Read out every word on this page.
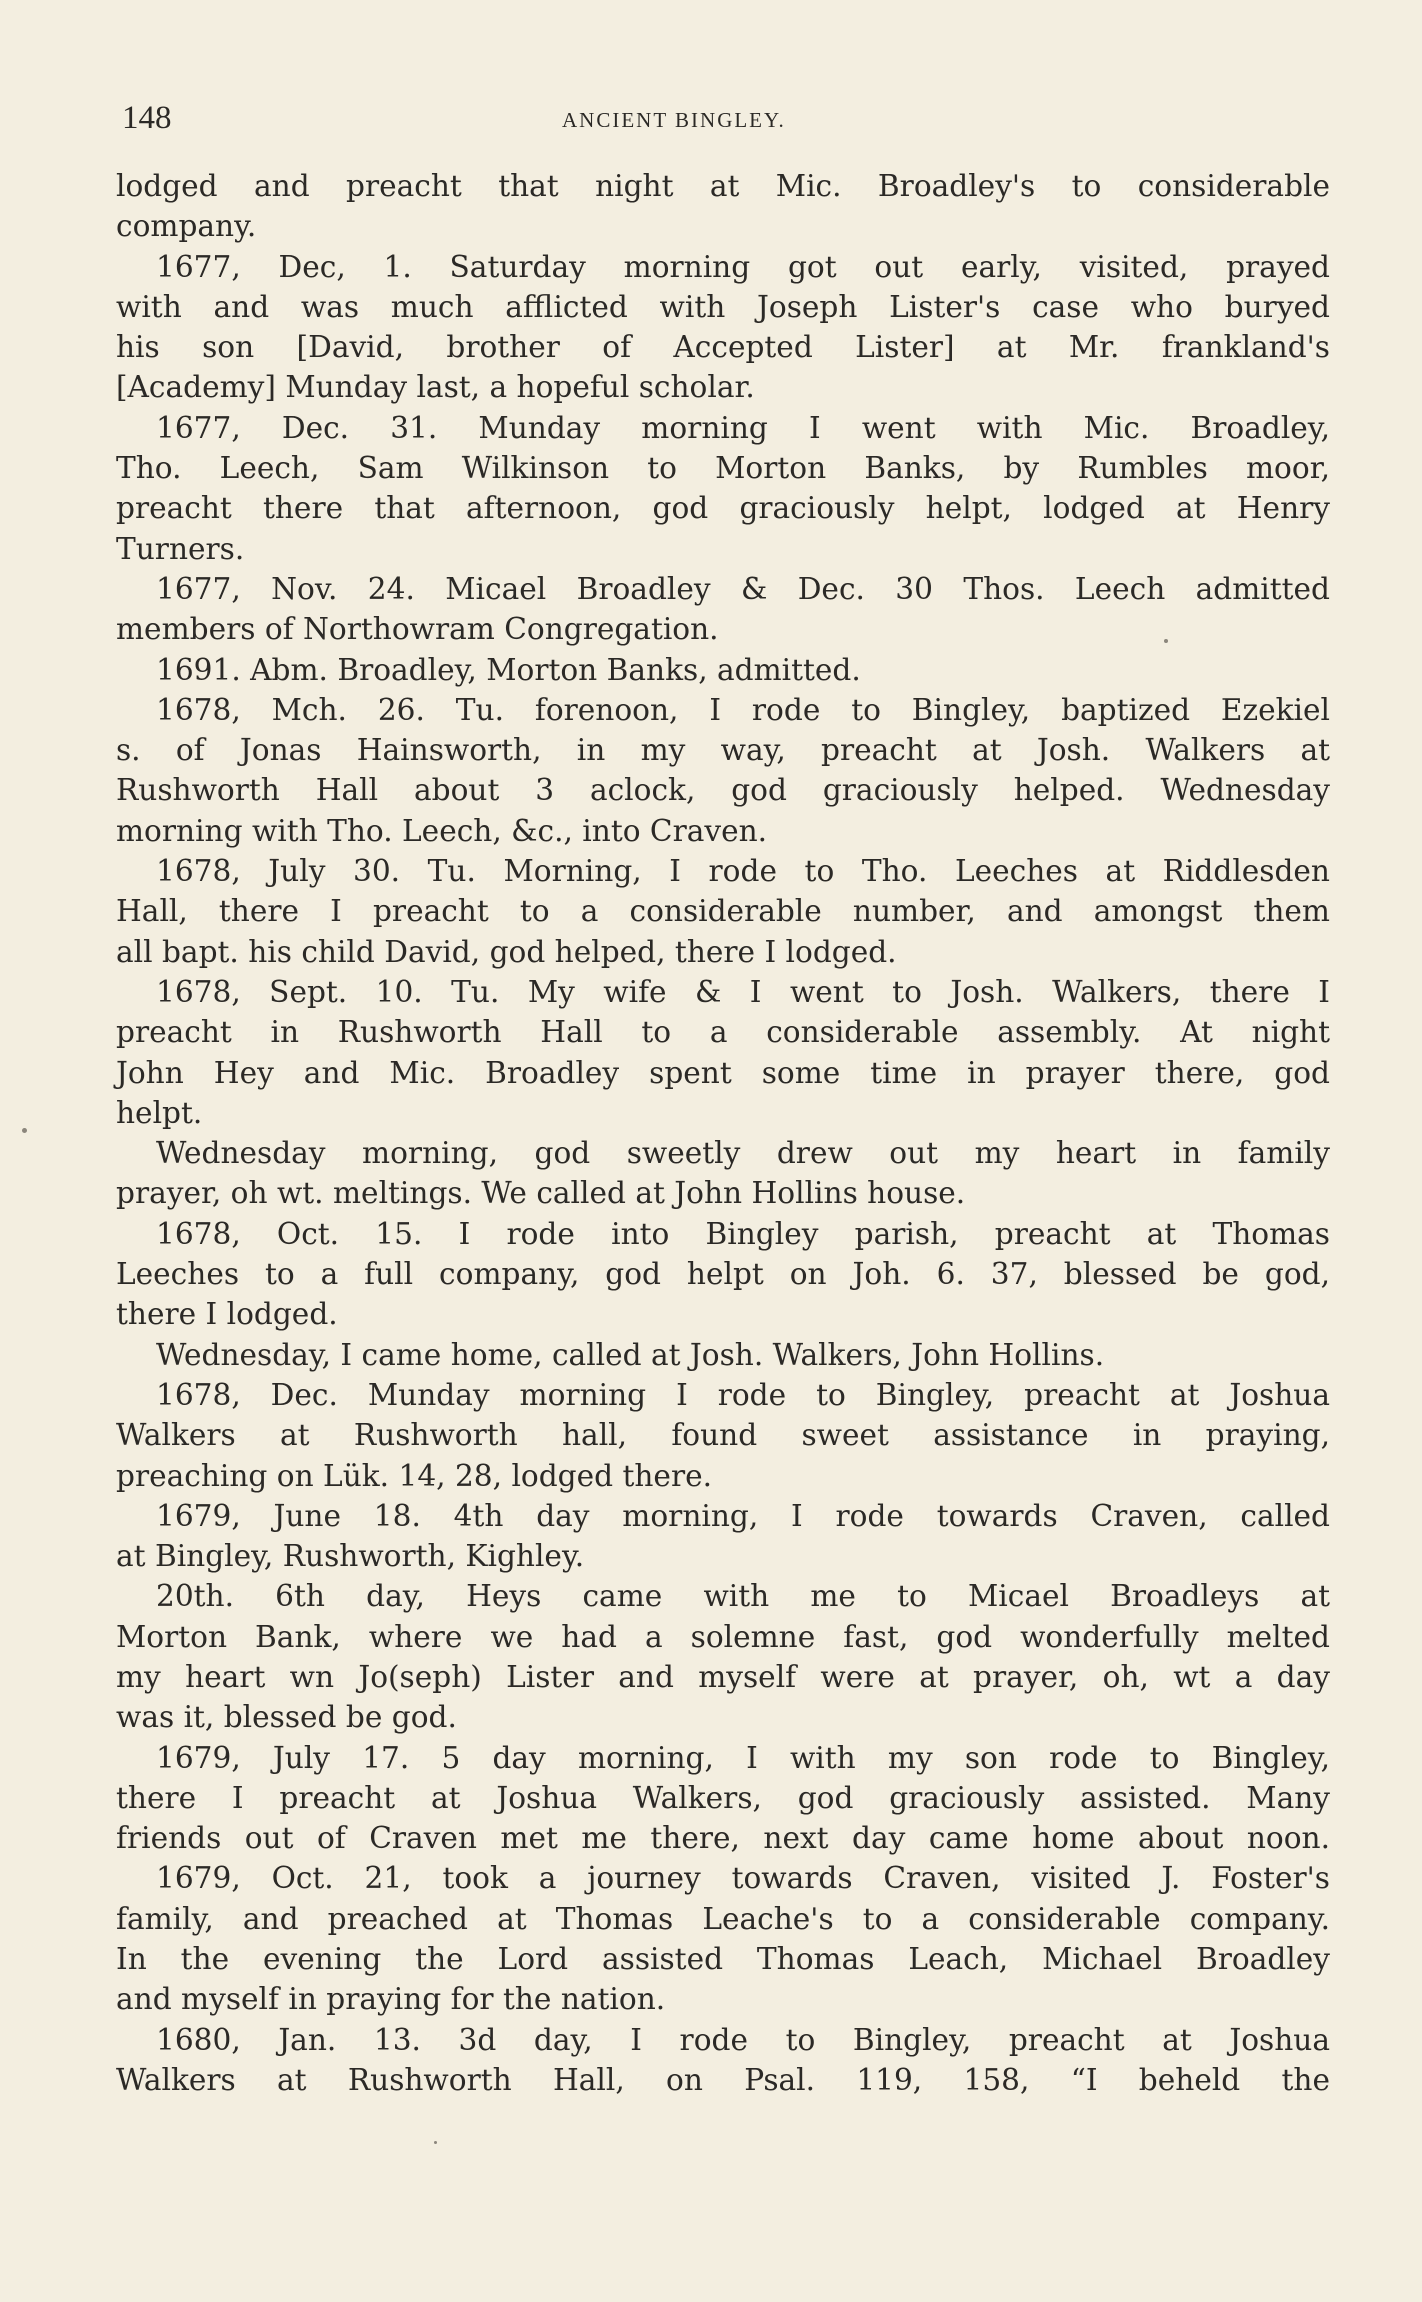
148	ANCIENT BINGLEY.
lodged and preacht that night at Mic. Broadley's to considerable
company.
1677, Dec, 1. Saturday morning got out early, visited, prayed
with and was much afflicted with Joseph Lister's case who buryed
his son [David, brother of Accepted Lister] at Mr. frankland's
[Academy] Munday last, a hopeful scholar.
1677, Dec. 31. Munday morning I went with Mic. Broadley,
Tho. Leech, Sam Wilkinson to Morton Banks, by Rumbles moor,
preacht there that afternoon, god graciously helpt, lodged at Henry
Turners.
1677, Nov. 24. Micael Broadley & Dec. 30 Thos. Leech admitted
members of Northowram Congregation.
1691. Abm. Broadley, Morton Banks, admitted.
1678, Mch. 26. Tu. forenoon, I rode to Bingley, baptized Ezekiel
s. of Jonas Hainsworth, in my way, preacht at Josh. Walkers at
Rushworth Hall about 3 aclock, god graciously helped. Wednesday
morning with Tho. Leech, &c., into Craven.
1678, July 30. Tu. Morning, I rode to Tho. Leeches at Riddlesden
Hall, there I preacht to a considerable number, and amongst them
all bapt. his child David, god helped, there I lodged.
1678, Sept. 10. Tu. My wife & I went to Josh. Walkers, there I
preacht in Rushworth Hall to a considerable assembly. At night
John Hey and Mic. Broadley spent some time in prayer there, god
helpt.
Wednesday morning, god sweetly drew out my heart in family
prayer, oh wt. meltings. We called at John Hollins house.
1678, Oct. 15. I rode into Bingley parish, preacht at Thomas
Leeches to a full company, god helpt on Joh. 6. 37, blessed be god,
there I lodged.
Wednesday, I came home, called at Josh. Walkers, John Hollins.
1678, Dec. Munday morning I rode to Bingley, preacht at Joshua
Walkers at Rushworth hall, found sweet assistance in praying,
preaching on Lük. 14, 28, lodged there.
1679, June 18. 4th day morning, I rode towards Craven, called
at Bingley, Rushworth, Kighley.
20th. 6th day, Heys came with me to Micael Broadleys at
Morton Bank, where we had a solemne fast, god wonderfully melted
my heart wn Jo(seph) Lister and myself were at prayer, oh, wt a day
was it, blessed be god.
1679, July 17. 5 day morning, I with my son rode to Bingley,
there I preacht at Joshua Walkers, god graciously assisted. Many
friends out of Craven met me there, next day came home about noon.
1679, Oct. 21, took a journey towards Craven, visited J. Foster's
family, and preached at Thomas Leache's to a considerable company.
In the evening the Lord assisted Thomas Leach, Michael Broadley
and myself in praying for the nation.
1680, Jan. 13. 3d day, I rode to Bingley, preacht at Joshua
Walkers at Rushworth Hall, on Psal. 119, 158, “I beheld the
